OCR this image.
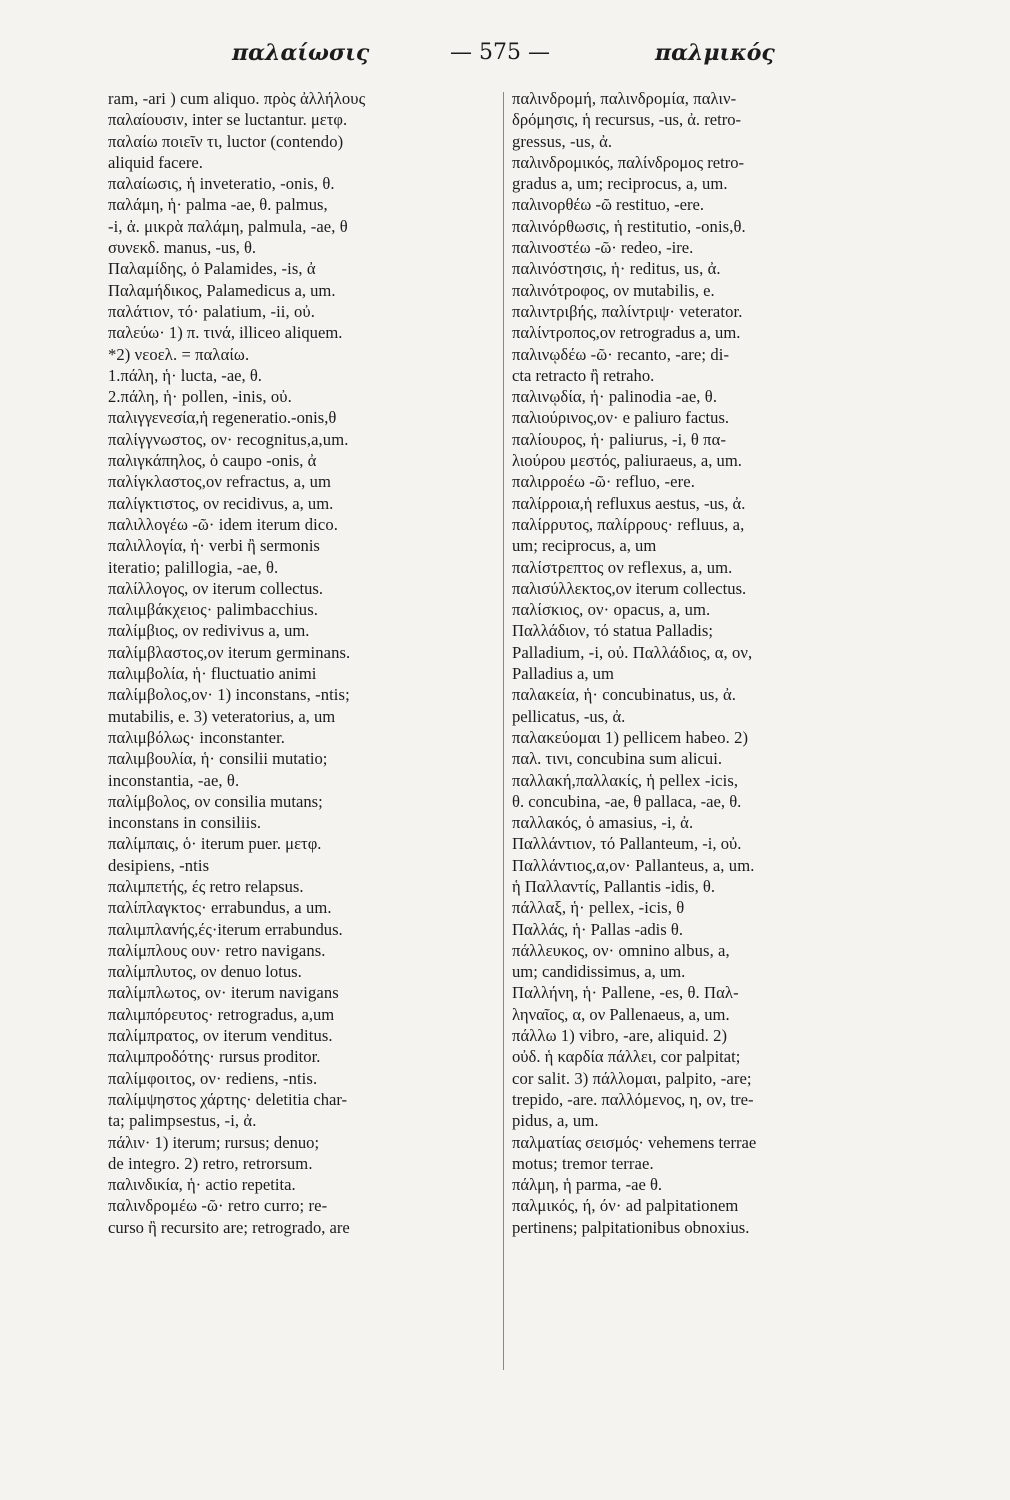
παλαίωσις	— 575 —	παλμικός
ram, -ari ) cum aliquo. πρὸς ἀλλήλους
παλαίουσιν, inter se luctantur. μετφ.
παλαίω ποιεῖν τι, luctor (contendo)
aliquid facere.
παλαίωσις, ἡ inveteratio, -onis, θ.
παλάμη, ἡ· palma -ae, θ. palmus,
-i, ἀ. μικρὰ παλάμη, palmula, -ae, θ
συνεκδ. manus, -us, θ.
Παλαμίδης, ὁ Palamides, -is, ἀ
Παλαμήδικος, Palamedicus a, um.
παλάτιον, τό· palatium, -ii, οὐ.
παλεύω· 1) π. τινά, illiceo aliquem.
*2) νεοελ. = παλαίω.
1.πάλη, ἡ· lucta, -ae, θ.
2.πάλη, ἡ· pollen, -inis, οὐ.
παλιγγενεσία,ἡ regeneratio.-onis,θ
παλίγγνωστος, ον· recognitus,a,um.
παλιγκάπηλος, ὁ caupo -onis, ἀ
παλίγκλαστος,ον refractus, a, um
παλίγκτιστος, ον recidivus, a, um.
παλιλλογέω -ῶ· idem iterum dico.
παλιλλογία, ἡ· verbi ἢ sermonis
iteratio; palillogia, -ae, θ.
παλίλλογος, ον iterum collectus.
παλιμβάκχειος· palimbacchius.
παλίμβιος, ον redivivus a, um.
παλίμβλαστος,ον iterum germinans.
παλιμβολία, ἡ· fluctuatio animi
παλίμβολος,ον· 1) inconstans, -ntis;
mutabilis, e. 3) veteratorius, a, um
παλιμβόλως· inconstanter.
παλιμβουλία, ἡ· consilii mutatio;
inconstantia, -ae, θ.
παλίμβολος, ον consilia mutans;
inconstans in consiliis.
παλίμπαις, ὁ· iterum puer. μετφ.
desipiens, -ntis
παλιμπετής, ές retro relapsus.
παλίπλαγκτος· errabundus, a um.
παλιμπλανής,ές·iterum errabundus.
παλίμπλους ουν· retro navigans.
παλίμπλυτος, ον denuo lotus.
παλίμπλωτος, ον· iterum navigans
παλιμπόρευτος· retrogradus, a,um
παλίμπρατος, ον iterum venditus.
παλιμπροδότης· rursus proditor.
παλίμφοιτος, ον· rediens, -ntis.
παλίμψηστος χάρτης· deletitia char-
ta; palimpsestus, -i, ἀ.
πάλιν· 1) iterum; rursus; denuo;
de integro. 2) retro, retrorsum.
παλινδικία, ἡ· actio repetita.
παλινδρομέω -ῶ· retro curro; re-
curso ἢ recursito are; retrogrado, are
παλινδρομή, παλινδρομία, παλιν-
δρόμησις, ἡ recursus, -us, ἀ. retro-
gressus, -us, ἀ.
παλινδρομικός, παλίνδρομος retro-
gradus a, um; reciprocus, a, um.
παλινορθέω -ῶ restituo, -ere.
παλινόρθωσις, ἡ restitutio, -onis,θ.
παλινοστέω -ῶ· redeo, -ire.
παλινόστησις, ἡ· reditus, us, ἀ.
παλινότροφος, ον mutabilis, e.
παλιντριβής, παλίντριψ· veterator.
παλίντροπος,ον retrogradus a, um.
παλινῳδέω -ῶ· recanto, -are; di-
cta retracto ἢ retraho.
παλινῳδία, ἡ· palinodia -ae, θ.
παλιούρινος,ον· e paliuro factus.
παλίουρος, ἡ· paliurus, -i, θ πα-
λιούρου μεστός, paliuraeus, a, um.
παλιρροέω -ῶ· refluo, -ere.
παλίρροια,ἡ refluxus aestus, -us, ἀ.
παλίρρυτος, παλίρρους· refluus, a,
um; reciprocus, a, um
παλίστρεπτος ον reflexus, a, um.
παλισύλλεκτος,ον iterum collectus.
παλίσκιος, ον· opacus, a, um.
Παλλάδιον, τό statua Palladis;
Palladium, -i, οὐ. Παλλάδιος, α, ον,
Palladius a, um
παλακεία, ἡ· concubinatus, us, ἀ.
pellicatus, -us, ἀ.
παλακεύομαι 1) pellicem habeo. 2)
παλ. τινι, concubina sum alicui.
παλλακή,παλλακίς, ἡ pellex -icis,
θ. concubina, -ae, θ pallaca, -ae, θ.
παλλακός, ὁ amasius, -i, ἀ.
Παλλάντιον, τό Pallanteum, -i, οὐ.
Παλλάντιος,α,ον· Pallanteus, a, um.
ἡ Παλλαντίς, Pallantis -idis, θ.
πάλλαξ, ἡ· pellex, -icis, θ
Παλλάς, ἡ· Pallas -adis θ.
πάλλευκος, ον· omnino albus, a,
um; candidissimus, a, um.
Παλλήνη, ἡ· Pallene, -es, θ. Παλ-
ληναῖος, α, ον Pallenaeus, a, um.
πάλλω 1) vibro, -are, aliquid. 2)
οὐδ. ἡ καρδία πάλλει, cor palpitat;
cor salit. 3) πάλλομαι, palpito, -are;
trepido, -are. παλλόμενος, η, ον, tre-
pidus, a, um.
παλματίας σεισμός· vehemens terrae
motus; tremor terrae.
πάλμη, ἡ parma, -ae θ.
παλμικός, ή, όν· ad palpitationem
pertinens; palpitationibus obnoxius.
